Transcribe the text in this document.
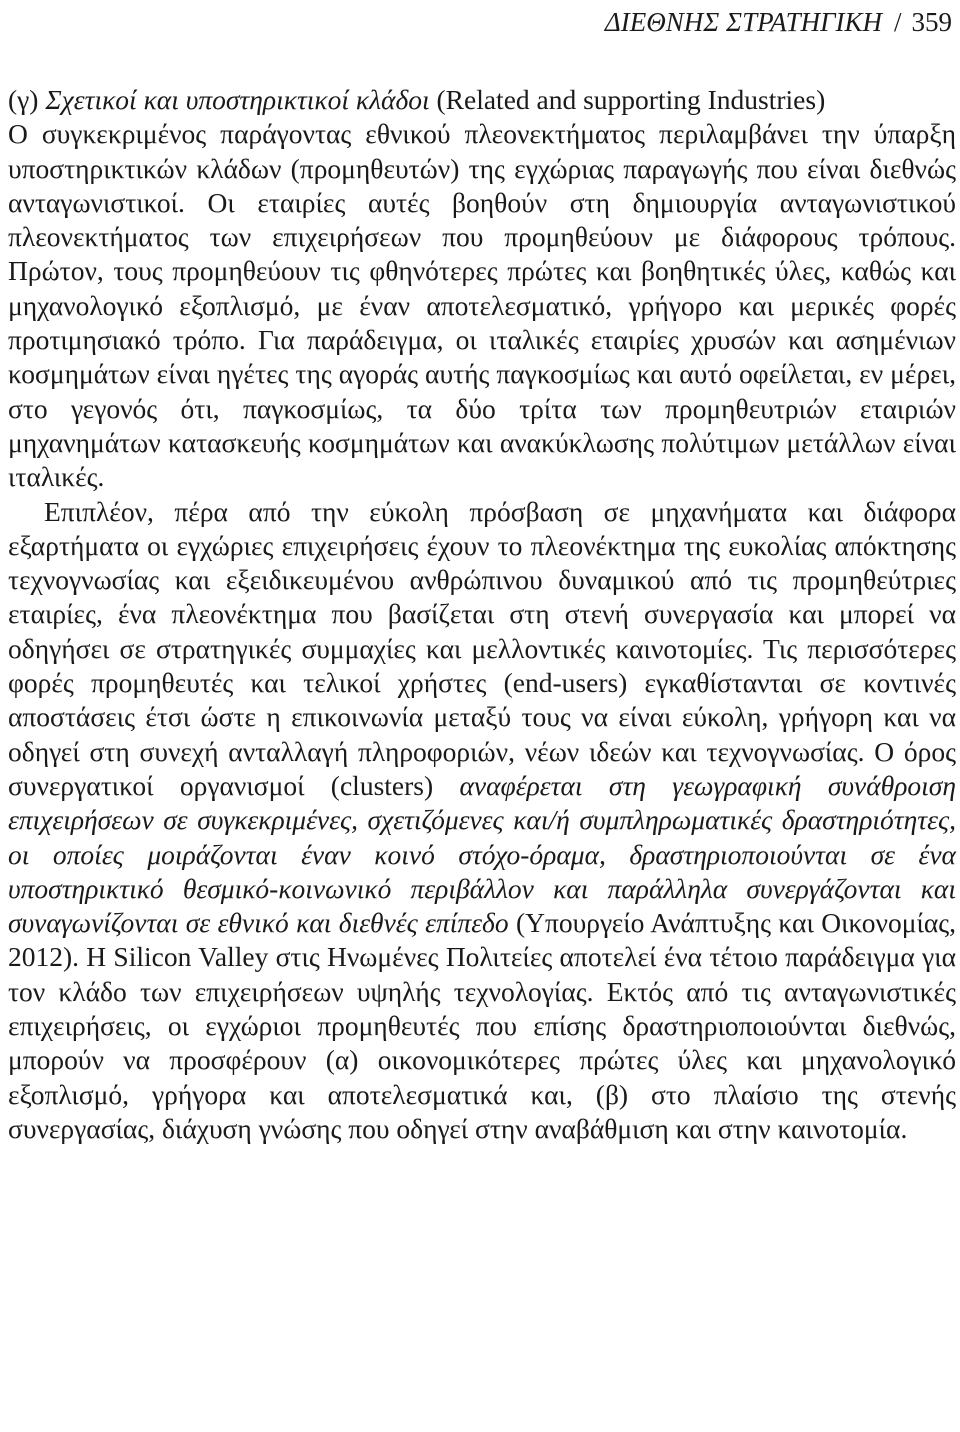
ΔΙΕΘΝΗΣ ΣΤΡΑΤΗΓΙΚΗ / 359

(γ) Σχετικοί και υποστηρικτικοί κλάδοι (Related and supporting Industries)

Ο συγκεκριμένος παράγοντας εθνικού πλεονεκτήματος περιλαμβάνει την ύπαρξη υποστηρικτικών κλάδων (προμηθευτών) της εγχώριας παραγωγής που είναι διεθνώς ανταγωνιστικοί. Οι εταιρίες αυτές βοηθούν στη δημιουργία ανταγωνιστικού πλεονεκτήματος των επιχειρήσεων που προμηθεύουν με διάφορους τρόπους. Πρώτον, τους προμηθεύουν τις φθηνότερες πρώτες και βοηθητικές ύλες, καθώς και μηχανολογικό εξοπλισμό, με έναν αποτελεσματικό, γρήγορο και μερικές φορές προτιμησιακό τρόπο. Για παράδειγμα, οι ιταλικές εταιρίες χρυσών και ασημένιων κοσμημάτων είναι ηγέτες της αγοράς αυτής παγκοσμίως και αυτό οφείλεται, εν μέρει, στο γεγονός ότι, παγκοσμίως, τα δύο τρίτα των προμηθευτριών εταιριών μηχανημάτων κατασκευής κοσμημάτων και ανακύκλωσης πολύτιμων μετάλλων είναι ιταλικές.

Επιπλέον, πέρα από την εύκολη πρόσβαση σε μηχανήματα και διάφορα εξαρτήματα οι εγχώριες επιχειρήσεις έχουν το πλεονέκτημα της ευκολίας απόκτησης τεχνογνωσίας και εξειδικευμένου ανθρώπινου δυναμικού από τις προμηθεύτριες εταιρίες, ένα πλεονέκτημα που βασίζεται στη στενή συνεργασία και μπορεί να οδηγήσει σε στρατηγικές συμμαχίες και μελλοντικές καινοτομίες. Τις περισσότερες φορές προμηθευτές και τελικοί χρήστες (end-users) εγκαθίστανται σε κοντινές αποστάσεις έτσι ώστε η επικοινωνία μεταξύ τους να είναι εύκολη, γρήγορη και να οδηγεί στη συνεχή ανταλλαγή πληροφοριών, νέων ιδεών και τεχνογνωσίας. Ο όρος συνεργατικοί οργανισμοί (clusters) αναφέρεται στη γεωγραφική συνάθροιση επιχειρήσεων σε συγκεκριμένες, σχετιζόμενες και/ή συμπληρωματικές δραστηριότητες, οι οποίες μοιράζονται έναν κοινό στόχο-όραμα, δραστηριοποιούνται σε ένα υποστηρικτικό θεσμικό-κοινωνικό περιβάλλον και παράλληλα συνεργάζονται και συναγωνίζονται σε εθνικό και διεθνές επίπεδο (Υπουργείο Ανάπτυξης και Οικονομίας, 2012). Η Silicon Valley στις Ηνωμένες Πολιτείες αποτελεί ένα τέτοιο παράδειγμα για τον κλάδο των επιχειρήσεων υψηλής τεχνολογίας. Εκτός από τις ανταγωνιστικές επιχειρήσεις, οι εγχώριοι προμηθευτές που επίσης δραστηριοποιούνται διεθνώς, μπορούν να προσφέρουν (α) οικονομικότερες πρώτες ύλες και μηχανολογικό εξοπλισμό, γρήγορα και αποτελεσματικά και, (β) στο πλαίσιο της στενής συνεργασίας, διάχυση γνώσης που οδηγεί στην αναβάθμιση και στην καινοτομία.
